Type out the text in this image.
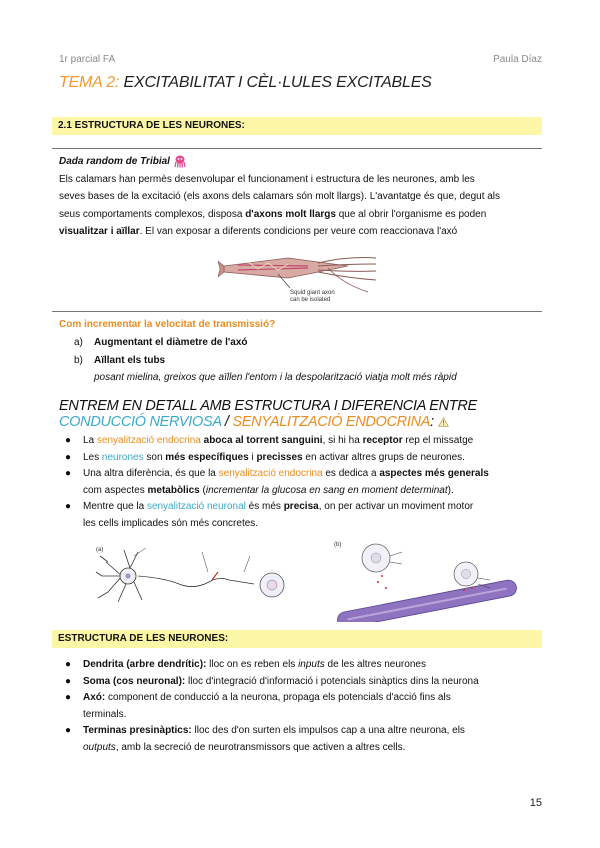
1r parcial FA	Paula Díaz
TEMA 2: EXCITABILITAT I CÈL·LULES EXCITABLES
2.1 ESTRUCTURA DE LES NEURONES:
Dada random de Tribial
Els calamars han permès desenvolupar el funcionament i estructura de les neurones, amb les
seves bases de la excitació (els axons dels calamars són molt llargs). L'avantatge és que, degut als
seus comportaments complexos, disposa d'axons molt llargs que al obrir l'organisme es poden
visualitzar i aïllar. El van exposar a diferents condicions per veure com reaccionava l'axó
Squid giant axon
can be isolated
Com incrementar la velocitat de transmissió?
a) Augmentant el diàmetre de l'axó
b) Aïllant els tubs
posant mielina, greixos que aïllen l'entom i la despolarització viatja molt més ràpid
ENTREM EN DETALL AMB ESTRUCTURA I DIFERENCIA ENTRE
CONDUCCIÓ NERVIOSA / SENYALITZACIÓ ENDOCRINA:
● La senyalització endocrina aboca al torrent sanguini, si hi ha receptor rep el missatge
● Les neurones son més específiques i precisses en activar altres grups de neurones.
● Una altra diferència, és que la senyalització endocrina es dedica a aspectes més generals
com aspectes metabòlics (incrementar la glucosa en sang en moment determinat).
● Mentre que la senyalització neuronal és més precisa, on per activar un moviment motor
les cells implicades són més concretes.
(a)
(b)
ESTRUCTURA DE LES NEURONES:
● Dendrita (arbre dendrític): lloc on es reben els inputs de les altres neurones
● Soma (cos neuronal): lloc d'integració d'informació i potencials sinàptics dins la neurona
● Axó: component de conducció a la neurona, propaga els potencials d'acció fins als
terminals.
● Terminas presinàptics: lloc des d'on surten els impulsos cap a una altre neurona, els
outputs, amb la secreció de neurotransmissors que activen a altres cells.
15
